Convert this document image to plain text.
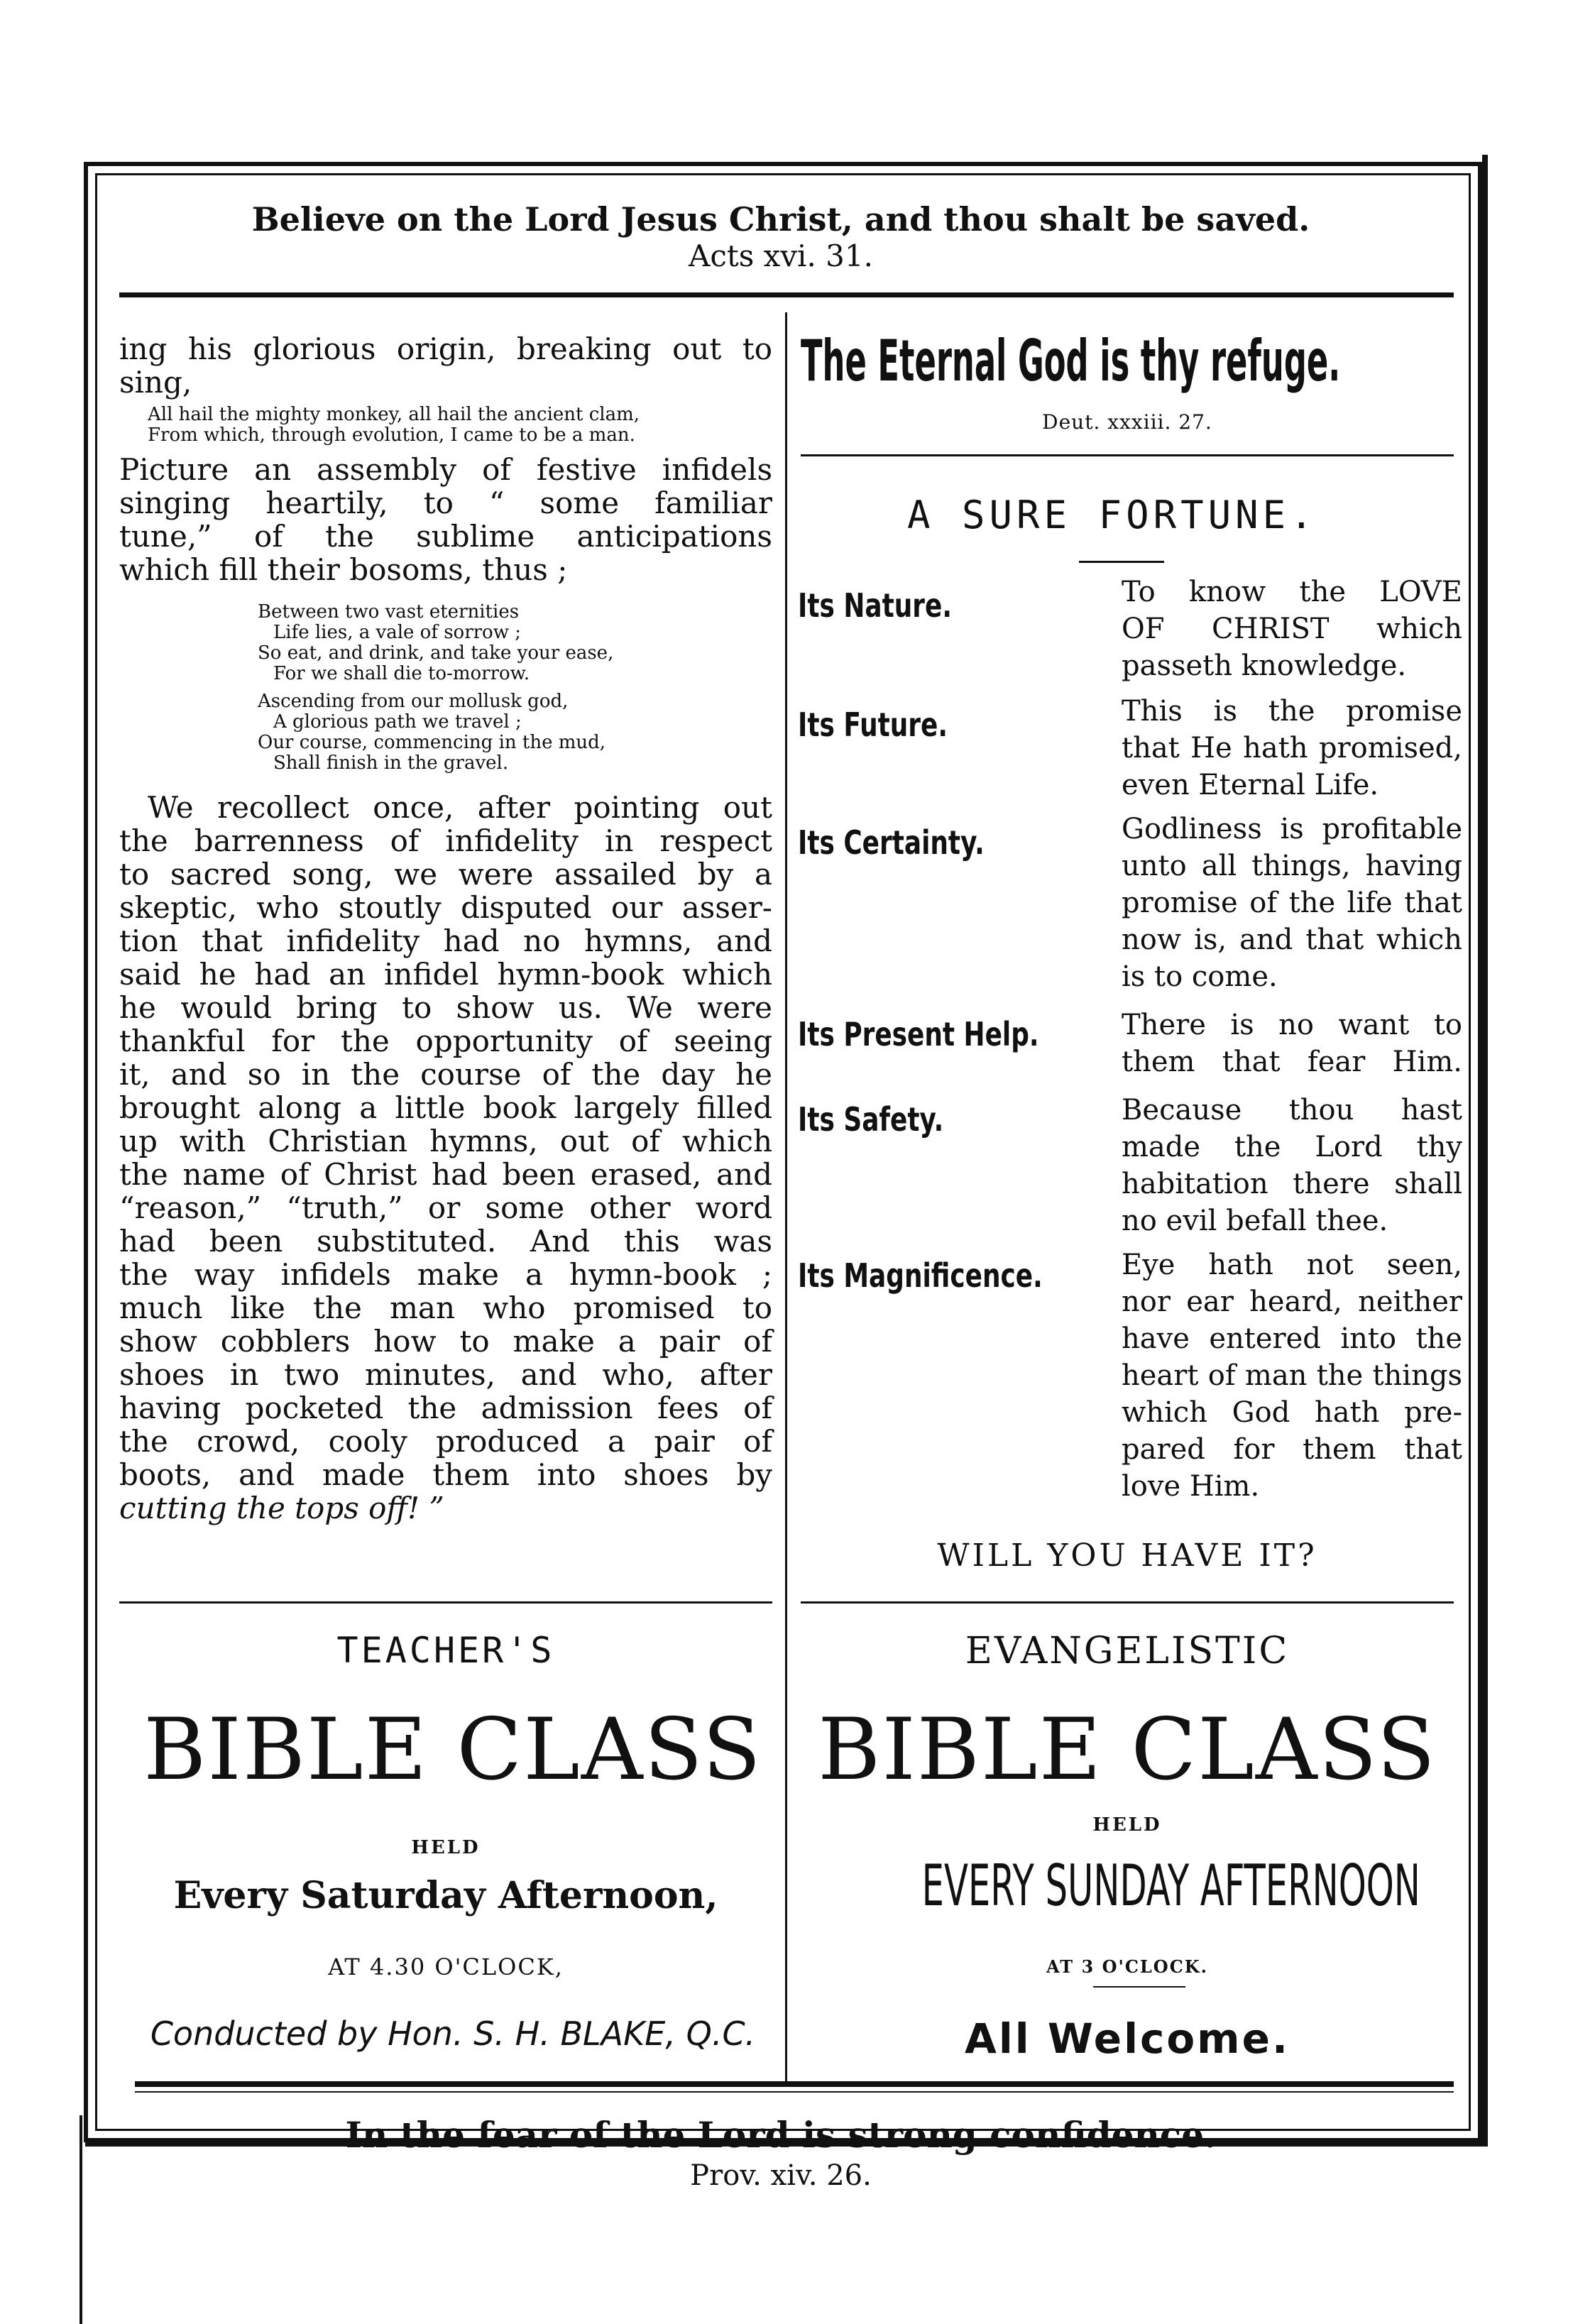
Believe on the Lord Jesus Christ, and thou shalt be saved.
Acts xvi. 31.

ing his glorious origin, breaking out to
sing,

All hail the mighty monkey, all hail the ancient clam,
From which, through evolution, I came to be a man.

Picture an assembly of festive infidels
singing heartily, to “ some familiar
tune,” of the sublime anticipations
which fill their bosoms, thus ;

Between two vast eternities
Life lies, a vale of sorrow ;
So eat, and drink, and take your ease,
For we shall die to-morrow.
Ascending from our mollusk god,
A glorious path we travel ;
Our course, commencing in the mud,
Shall finish in the gravel.

We recollect once, after pointing out
the barrenness of infidelity in respect
to sacred song, we were assailed by a
skeptic, who stoutly disputed our asser-
tion that infidelity had no hymns, and
said he had an infidel hymn-book which
he would bring to show us. We were
thankful for the opportunity of seeing
it, and so in the course of the day he
brought along a little book largely filled
up with Christian hymns, out of which
the name of Christ had been erased, and
“reason,” “truth,” or some other word
had been substituted. And this was
the way infidels make a hymn-book ;
much like the man who promised to
show cobblers how to make a pair of
shoes in two minutes, and who, after
having pocketed the admission fees of
the crowd, cooly produced a pair of
boots, and made them into shoes by
cutting the tops off! ”

The Eternal God is thy refuge.
Deut. xxxiii. 27.
A SURE FORTUNE.
Its Nature.	To know the LOVE
OF CHRIST which
passeth knowledge.
Its Future.	This is the promise
that He hath promised,
even Eternal Life.
Its Certainty.	Godliness is profitable
unto all things, having
promise of the life that
now is, and that which
is to come.
Its Present Help.	There is no want to
them that fear Him.
Its Safety.	Because thou hast
made the Lord thy
habitation there shall
no evil befall thee.
Its Magnificence.	Eye hath not seen,
nor ear heard, neither
have entered into the
heart of man the things
which God hath pre-
pared for them that
love Him.
WILL YOU HAVE IT?
TEACHER'S
BIBLE CLASS
HELD
Every Saturday Afternoon,
AT 4.30 O'CLOCK,
Conducted by Hon. S. H. BLAKE, Q.C.
EVANGELISTIC
BIBLE CLASS
HELD
EVERY SUNDAY AFTERNOON
AT 3 O'CLOCK.
All Welcome.
In the fear of the Lord is strong confidence.
Prov. xiv. 26.
